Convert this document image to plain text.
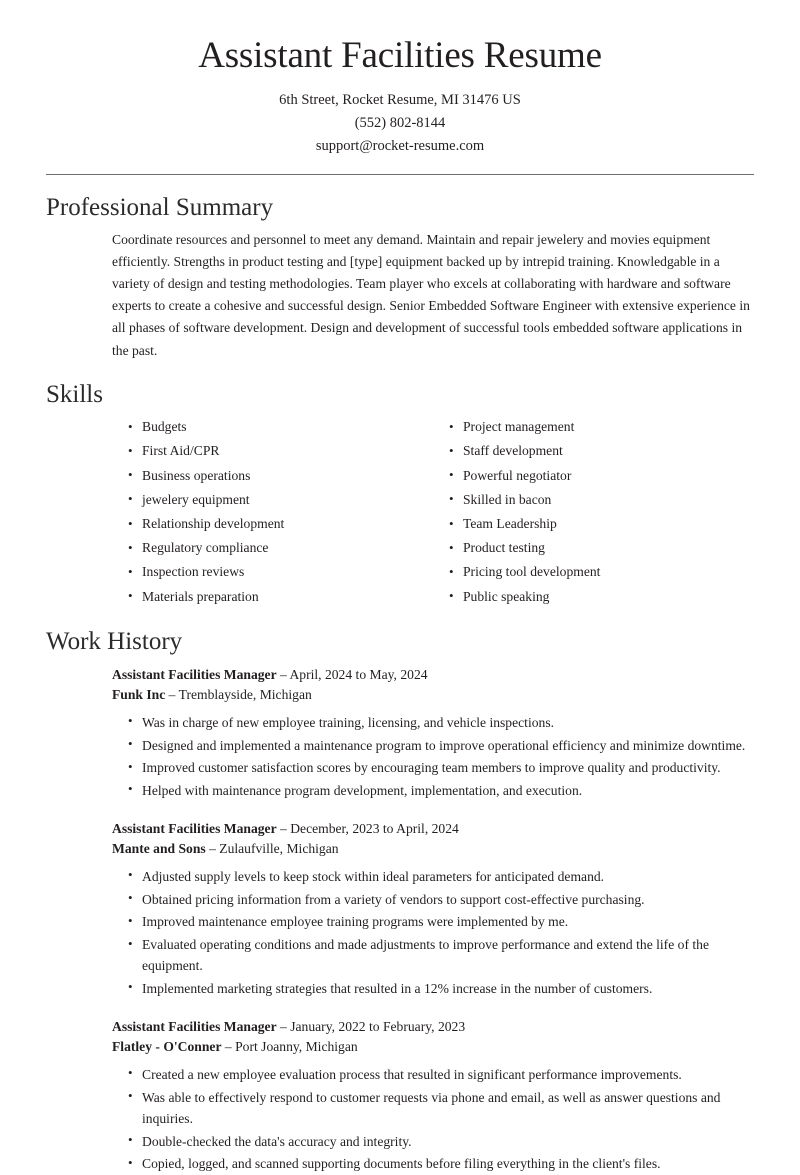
Assistant Facilities Resume
6th Street, Rocket Resume, MI 31476 US
(552) 802-8144
support@rocket-resume.com
Professional Summary

Coordinate resources and personnel to meet any demand. Maintain and repair jewelery and movies equipment efficiently. Strengths in product testing and [type] equipment backed up by intrepid training. Knowledgable in a variety of design and testing methodologies. Team player who excels at collaborating with hardware and software experts to create a cohesive and successful design. Senior Embedded Software Engineer with extensive experience in all phases of software development. Design and development of successful tools embedded software applications in the past.

Skills
• Budgets
• First Aid/CPR
• Business operations
• jewelery equipment
• Relationship development
• Regulatory compliance
• Inspection reviews
• Materials preparation
• Project management
• Staff development
• Powerful negotiator
• Skilled in bacon
• Team Leadership
• Product testing
• Pricing tool development
• Public speaking
Work History
Assistant Facilities Manager – April, 2024 to May, 2024
Funk Inc – Tremblayside, Michigan
• Was in charge of new employee training, licensing, and vehicle inspections.
• Designed and implemented a maintenance program to improve operational efficiency and minimize downtime.
• Improved customer satisfaction scores by encouraging team members to improve quality and productivity.
• Helped with maintenance program development, implementation, and execution.
Assistant Facilities Manager – December, 2023 to April, 2024
Mante and Sons – Zulaufville, Michigan
• Adjusted supply levels to keep stock within ideal parameters for anticipated demand.
• Obtained pricing information from a variety of vendors to support cost-effective purchasing.
• Improved maintenance employee training programs were implemented by me.
• Evaluated operating conditions and made adjustments to improve performance and extend the life of the equipment.
• Implemented marketing strategies that resulted in a 12% increase in the number of customers.
Assistant Facilities Manager – January, 2022 to February, 2023
Flatley - O'Conner – Port Joanny, Michigan
• Created a new employee evaluation process that resulted in significant performance improvements.
• Was able to effectively respond to customer requests via phone and email, as well as answer questions and inquiries.
• Double-checked the data's accuracy and integrity.
• Copied, logged, and scanned supporting documents before filing everything in the client's files.
